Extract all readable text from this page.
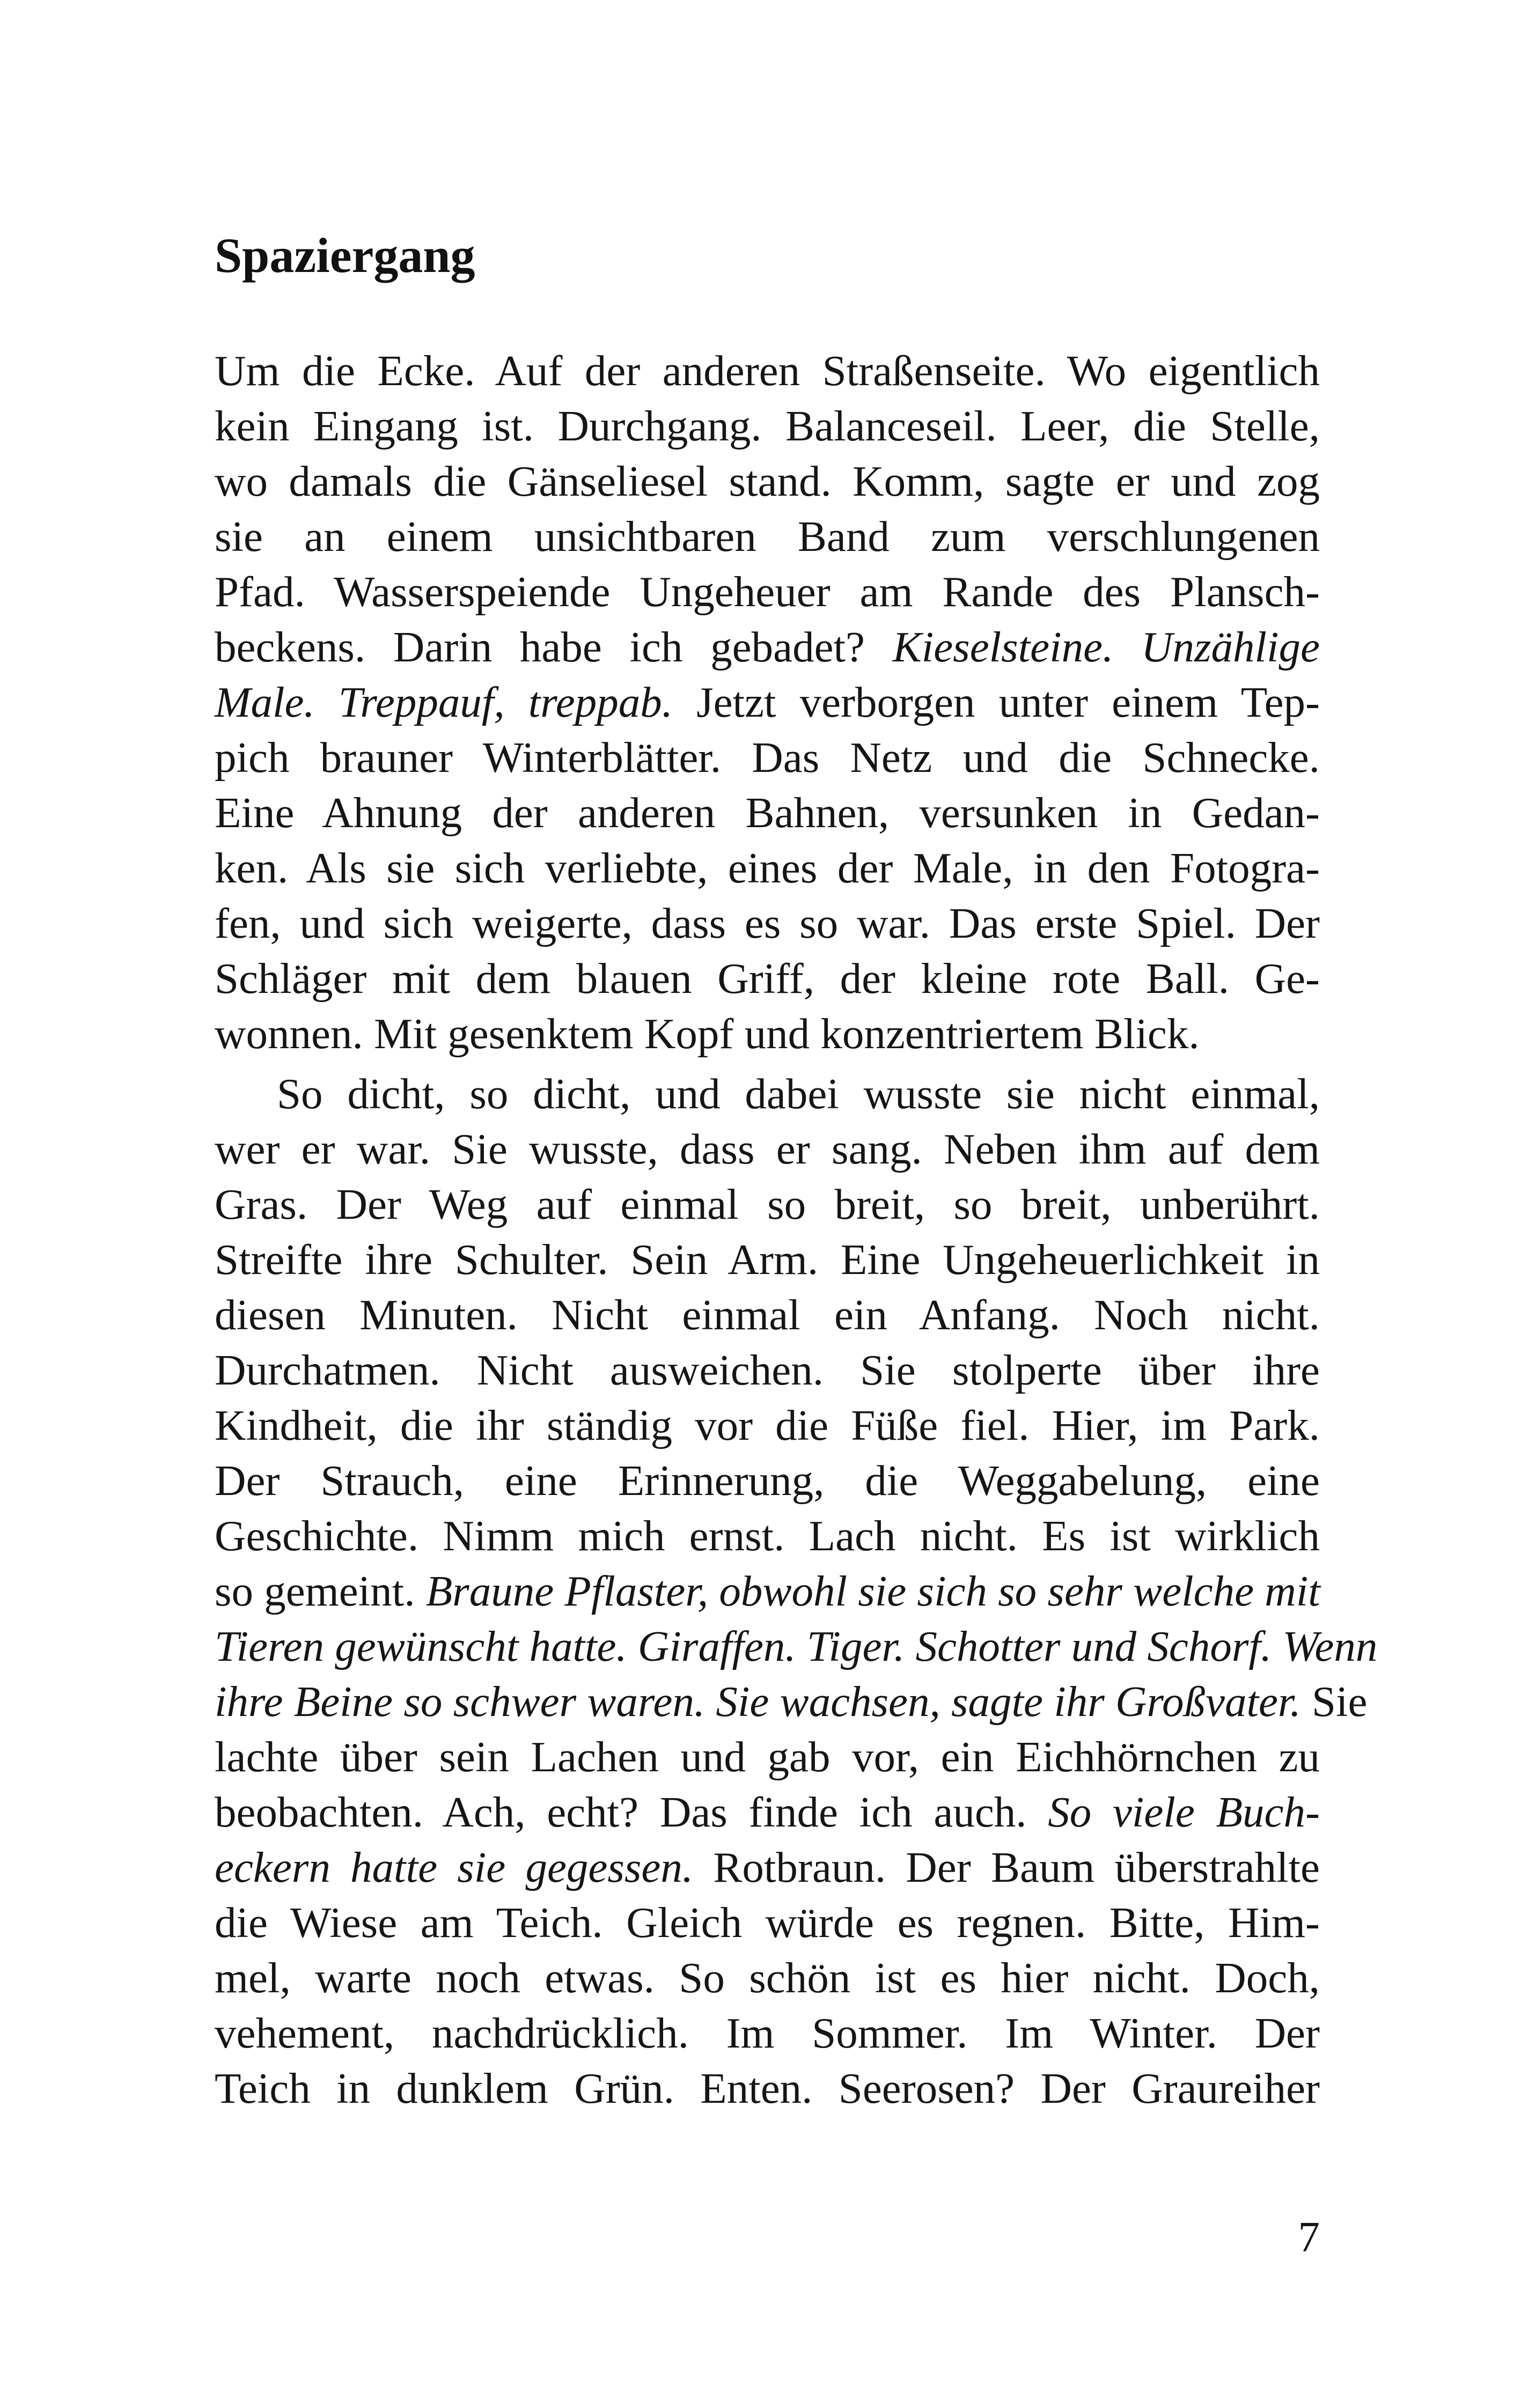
Spaziergang
Um die Ecke. Auf der anderen Straßenseite. Wo eigentlich
kein Eingang ist. Durchgang. Balanceseil. Leer, die Stelle,
wo damals die Gänseliesel stand. Komm, sagte er und zog
sie an einem unsichtbaren Band zum verschlungenen
Pfad. Wasserspeiende Ungeheuer am Rande des Plansch-
beckens. Darin habe ich gebadet? Kieselsteine. Unzählige
Male. Treppauf, treppab. Jetzt verborgen unter einem Tep-
pich brauner Winterblätter. Das Netz und die Schnecke.
Eine Ahnung der anderen Bahnen, versunken in Gedan-
ken. Als sie sich verliebte, eines der Male, in den Fotogra-
fen, und sich weigerte, dass es so war. Das erste Spiel. Der
Schläger mit dem blauen Griff, der kleine rote Ball. Ge-
wonnen. Mit gesenktem Kopf und konzentriertem Blick.
So dicht, so dicht, und dabei wusste sie nicht einmal,
wer er war. Sie wusste, dass er sang. Neben ihm auf dem
Gras. Der Weg auf einmal so breit, so breit, unberührt.
Streifte ihre Schulter. Sein Arm. Eine Ungeheuerlichkeit in
diesen Minuten. Nicht einmal ein Anfang. Noch nicht.
Durchatmen. Nicht ausweichen. Sie stolperte über ihre
Kindheit, die ihr ständig vor die Füße fiel. Hier, im Park.
Der Strauch, eine Erinnerung, die Weggabelung, eine
Geschichte. Nimm mich ernst. Lach nicht. Es ist wirklich
so gemeint. Braune Pflaster, obwohl sie sich so sehr welche mit
Tieren gewünscht hatte. Giraffen. Tiger. Schotter und Schorf. Wenn
ihre Beine so schwer waren. Sie wachsen, sagte ihr Großvater. Sie
lachte über sein Lachen und gab vor, ein Eichhörnchen zu
beobachten. Ach, echt? Das finde ich auch. So viele Buch-
eckern hatte sie gegessen. Rotbraun. Der Baum überstrahlte
die Wiese am Teich. Gleich würde es regnen. Bitte, Him-
mel, warte noch etwas. So schön ist es hier nicht. Doch,
vehement, nachdrücklich. Im Sommer. Im Winter. Der
Teich in dunklem Grün. Enten. Seerosen? Der Graureiher
7
